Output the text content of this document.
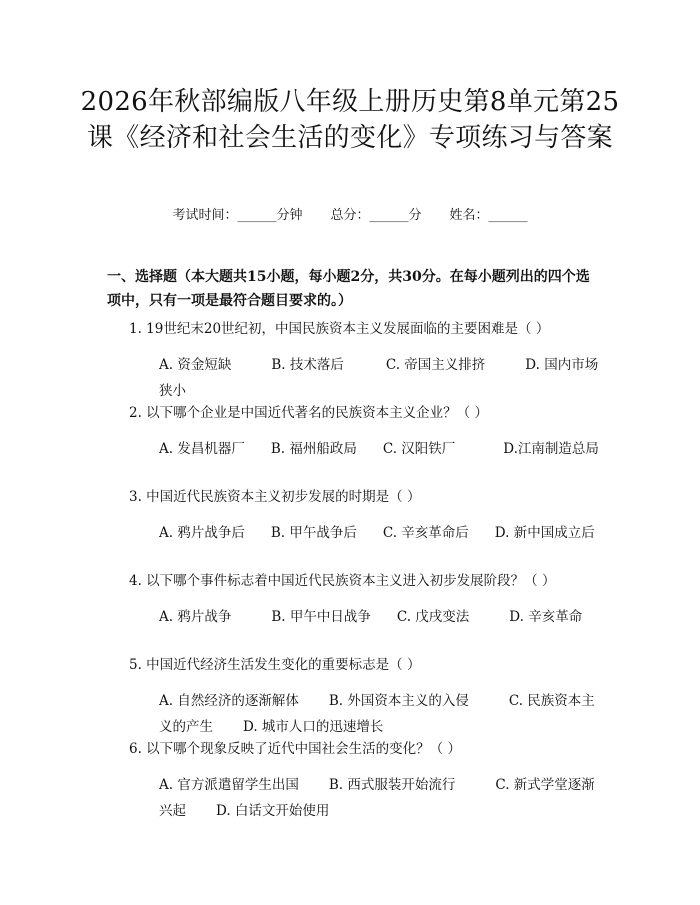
2026年秋部编版八年级上册历史第8单元第25课《经济和社会生活的变化》专项练习与答案
考试时间：______分钟 总分：______分 姓名：______
一、选择题（本大题共15小题，每小题2分，共30分。在每小题列出的四个选项中，只有一项是最符合题目要求的。）
1. 19世纪末20世纪初，中国民族资本主义发展面临的主要困难是（ ）
A. 资金短缺	B. 技术落后	C. 帝国主义排挤	D. 国内市场狭小
2. 以下哪个企业是中国近代著名的民族资本主义企业？（ ）
A. 发昌机器厂 B. 福州船政局 C. 汉阳铁厂	D.江南制造总局
3. 中国近代民族资本主义初步发展的时期是（ ）
A. 鸦片战争后 B. 甲午战争后 C. 辛亥革命后 D. 新中国成立后
4. 以下哪个事件标志着中国近代民族资本主义进入初步发展阶段？（ ）
A. 鸦片战争	B. 甲午中日战争 C. 戊戌变法	D. 辛亥革命
5. 中国近代经济生活发生变化的重要标志是（ ）
A. 自然经济的逐渐解体 B. 外国资本主义的入侵	C. 民族资本主义的产生 D. 城市人口的迅速增长
6. 以下哪个现象反映了近代中国社会生活的变化？（ ）
A. 官方派遣留学生出国 B. 西式服装开始流行	C. 新式学堂逐渐兴起 D. 白话文开始使用
